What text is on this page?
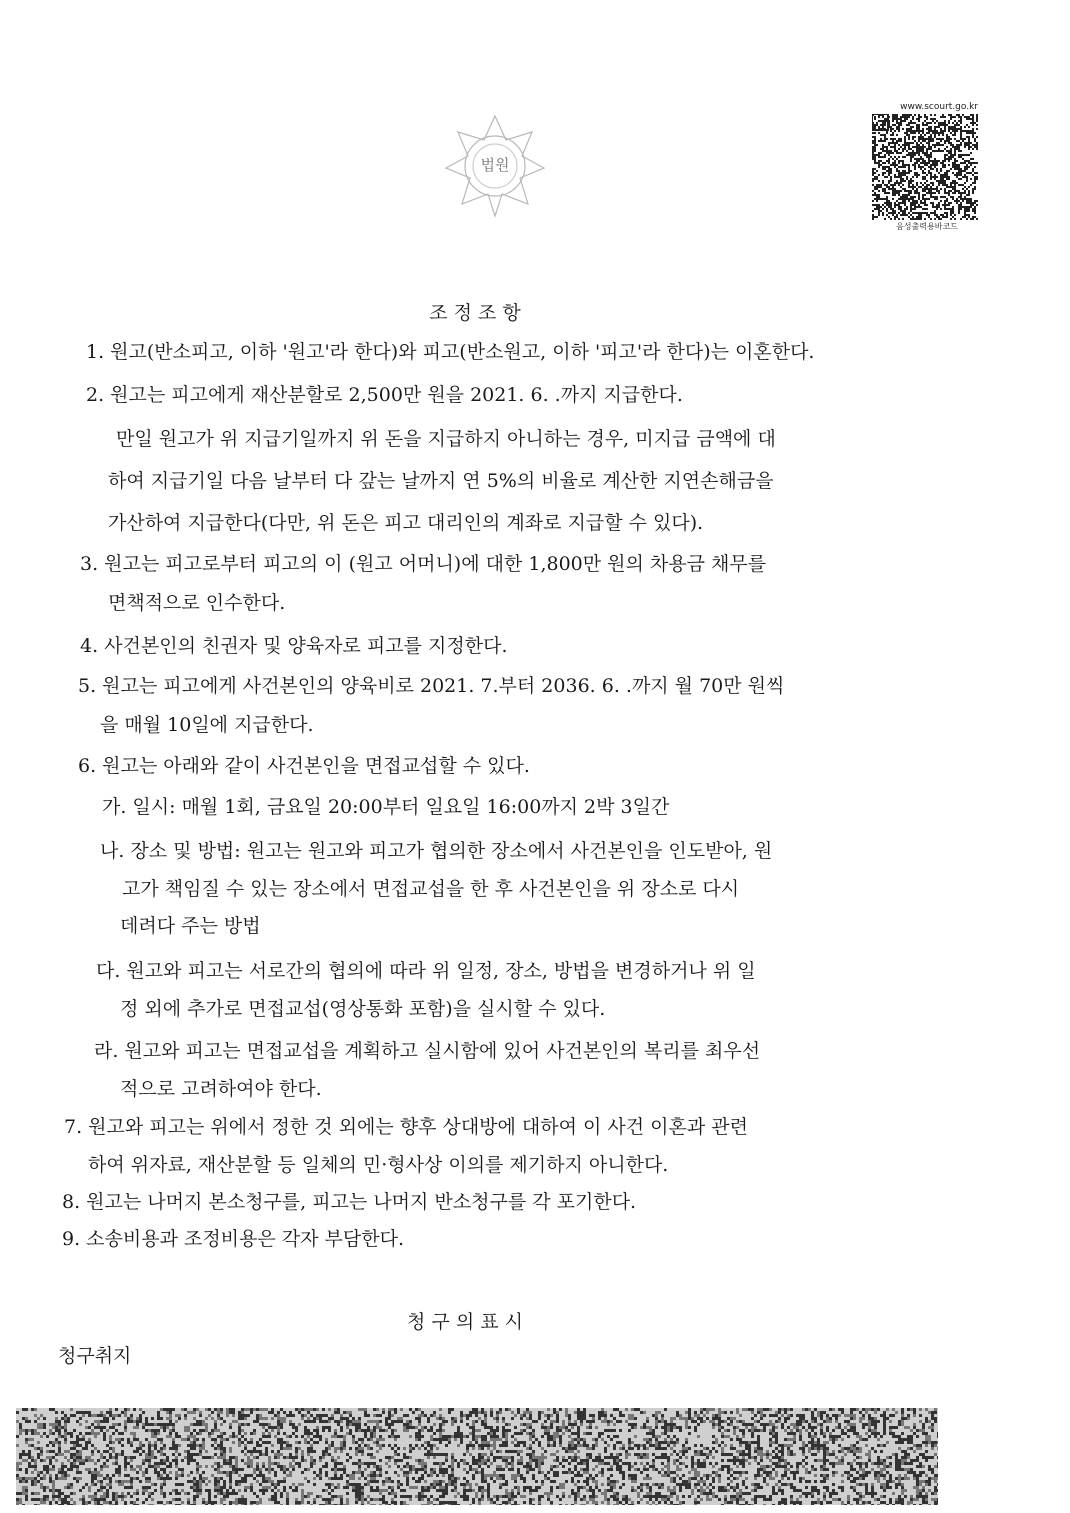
법원
www.scourt.go.kr
음성출력용바코드
조 정 조 항
1. 원고(반소피고, 이하 '원고'라 한다)와 피고(반소원고, 이하 '피고'라 한다)는 이혼한다.
2. 원고는 피고에게 재산분할로 2,500만 원을 2021. 6. .까지 지급한다.
만일 원고가 위 지급기일까지 위 돈을 지급하지 아니하는 경우, 미지급 금액에 대
하여 지급기일 다음 날부터 다 갚는 날까지 연 5%의 비율로 계산한 지연손해금을
가산하여 지급한다(다만, 위 돈은 피고 대리인의 계좌로 지급할 수 있다).
3. 원고는 피고로부터 피고의 이 (원고 어머니)에 대한 1,800만 원의 차용금 채무를
면책적으로 인수한다.
4. 사건본인의 친권자 및 양육자로 피고를 지정한다.
5. 원고는 피고에게 사건본인의 양육비로 2021. 7.부터 2036. 6. .까지 월 70만 원씩
을 매월 10일에 지급한다.
6. 원고는 아래와 같이 사건본인을 면접교섭할 수 있다.
가. 일시: 매월 1회, 금요일 20:00부터 일요일 16:00까지 2박 3일간
나. 장소 및 방법: 원고는 원고와 피고가 협의한 장소에서 사건본인을 인도받아, 원
고가 책임질 수 있는 장소에서 면접교섭을 한 후 사건본인을 위 장소로 다시
데려다 주는 방법
다. 원고와 피고는 서로간의 협의에 따라 위 일정, 장소, 방법을 변경하거나 위 일
정 외에 추가로 면접교섭(영상통화 포함)을 실시할 수 있다.
라. 원고와 피고는 면접교섭을 계획하고 실시함에 있어 사건본인의 복리를 최우선
적으로 고려하여야 한다.
7. 원고와 피고는 위에서 정한 것 외에는 향후 상대방에 대하여 이 사건 이혼과 관련
하여 위자료, 재산분할 등 일체의 민·형사상 이의를 제기하지 아니한다.
8. 원고는 나머지 본소청구를, 피고는 나머지 반소청구를 각 포기한다.
9. 소송비용과 조정비용은 각자 부담한다.
청 구 의 표 시
청구취지
